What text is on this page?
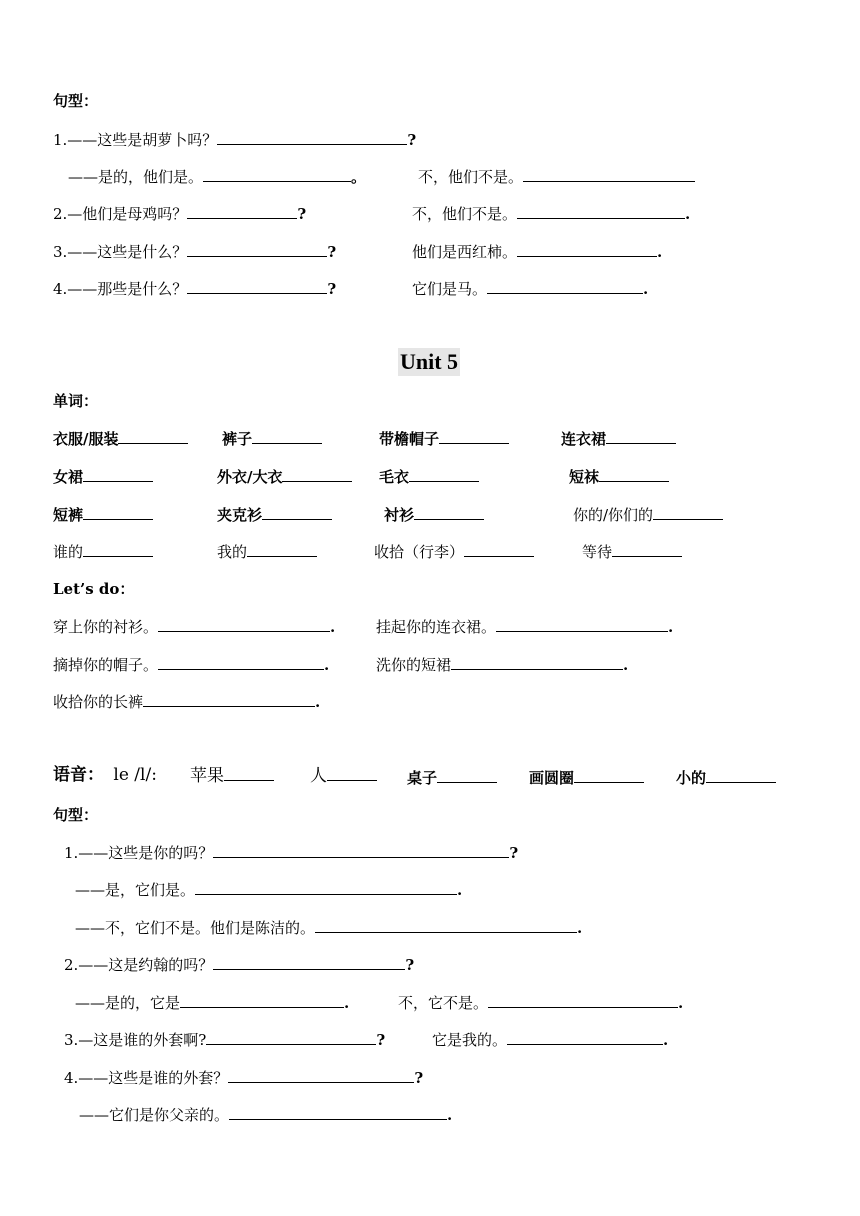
句型：
1.——这些是胡萝卜吗？	?
——是的，他们是。	。	不，他们不是。
2.—他们是母鸡吗？	?	不，他们不是。	.
3.——这些是什么？	?	他们是西红柿。	.
4.——那些是什么？	?	它们是马。	.
Unit 5
单词：
衣服/服装	裤子	带檐帽子	连衣裙
女裙	外衣/大衣	毛衣	短袜
短裤	夹克衫	衬衫	你的/你们的
谁的	我的	收拾（行李）	等待
Let’s do：
穿上你的衬衫。	.	挂起你的连衣裙。	.
摘掉你的帽子。	.	洗你的短裙	.
收拾你的长裤	.
语音： le /l/: 苹果	人	桌子	画圆圈	小的
句型：
1.——这些是你的吗？	?
——是，它们是。	.
——不，它们不是。他们是陈洁的。	.
2.——这是约翰的吗？	?
——是的，它是	.	不，它不是。	.
3.—这是谁的外套啊?	?	它是我的。	.
4.——这些是谁的外套？	?
——它们是你父亲的。	.
